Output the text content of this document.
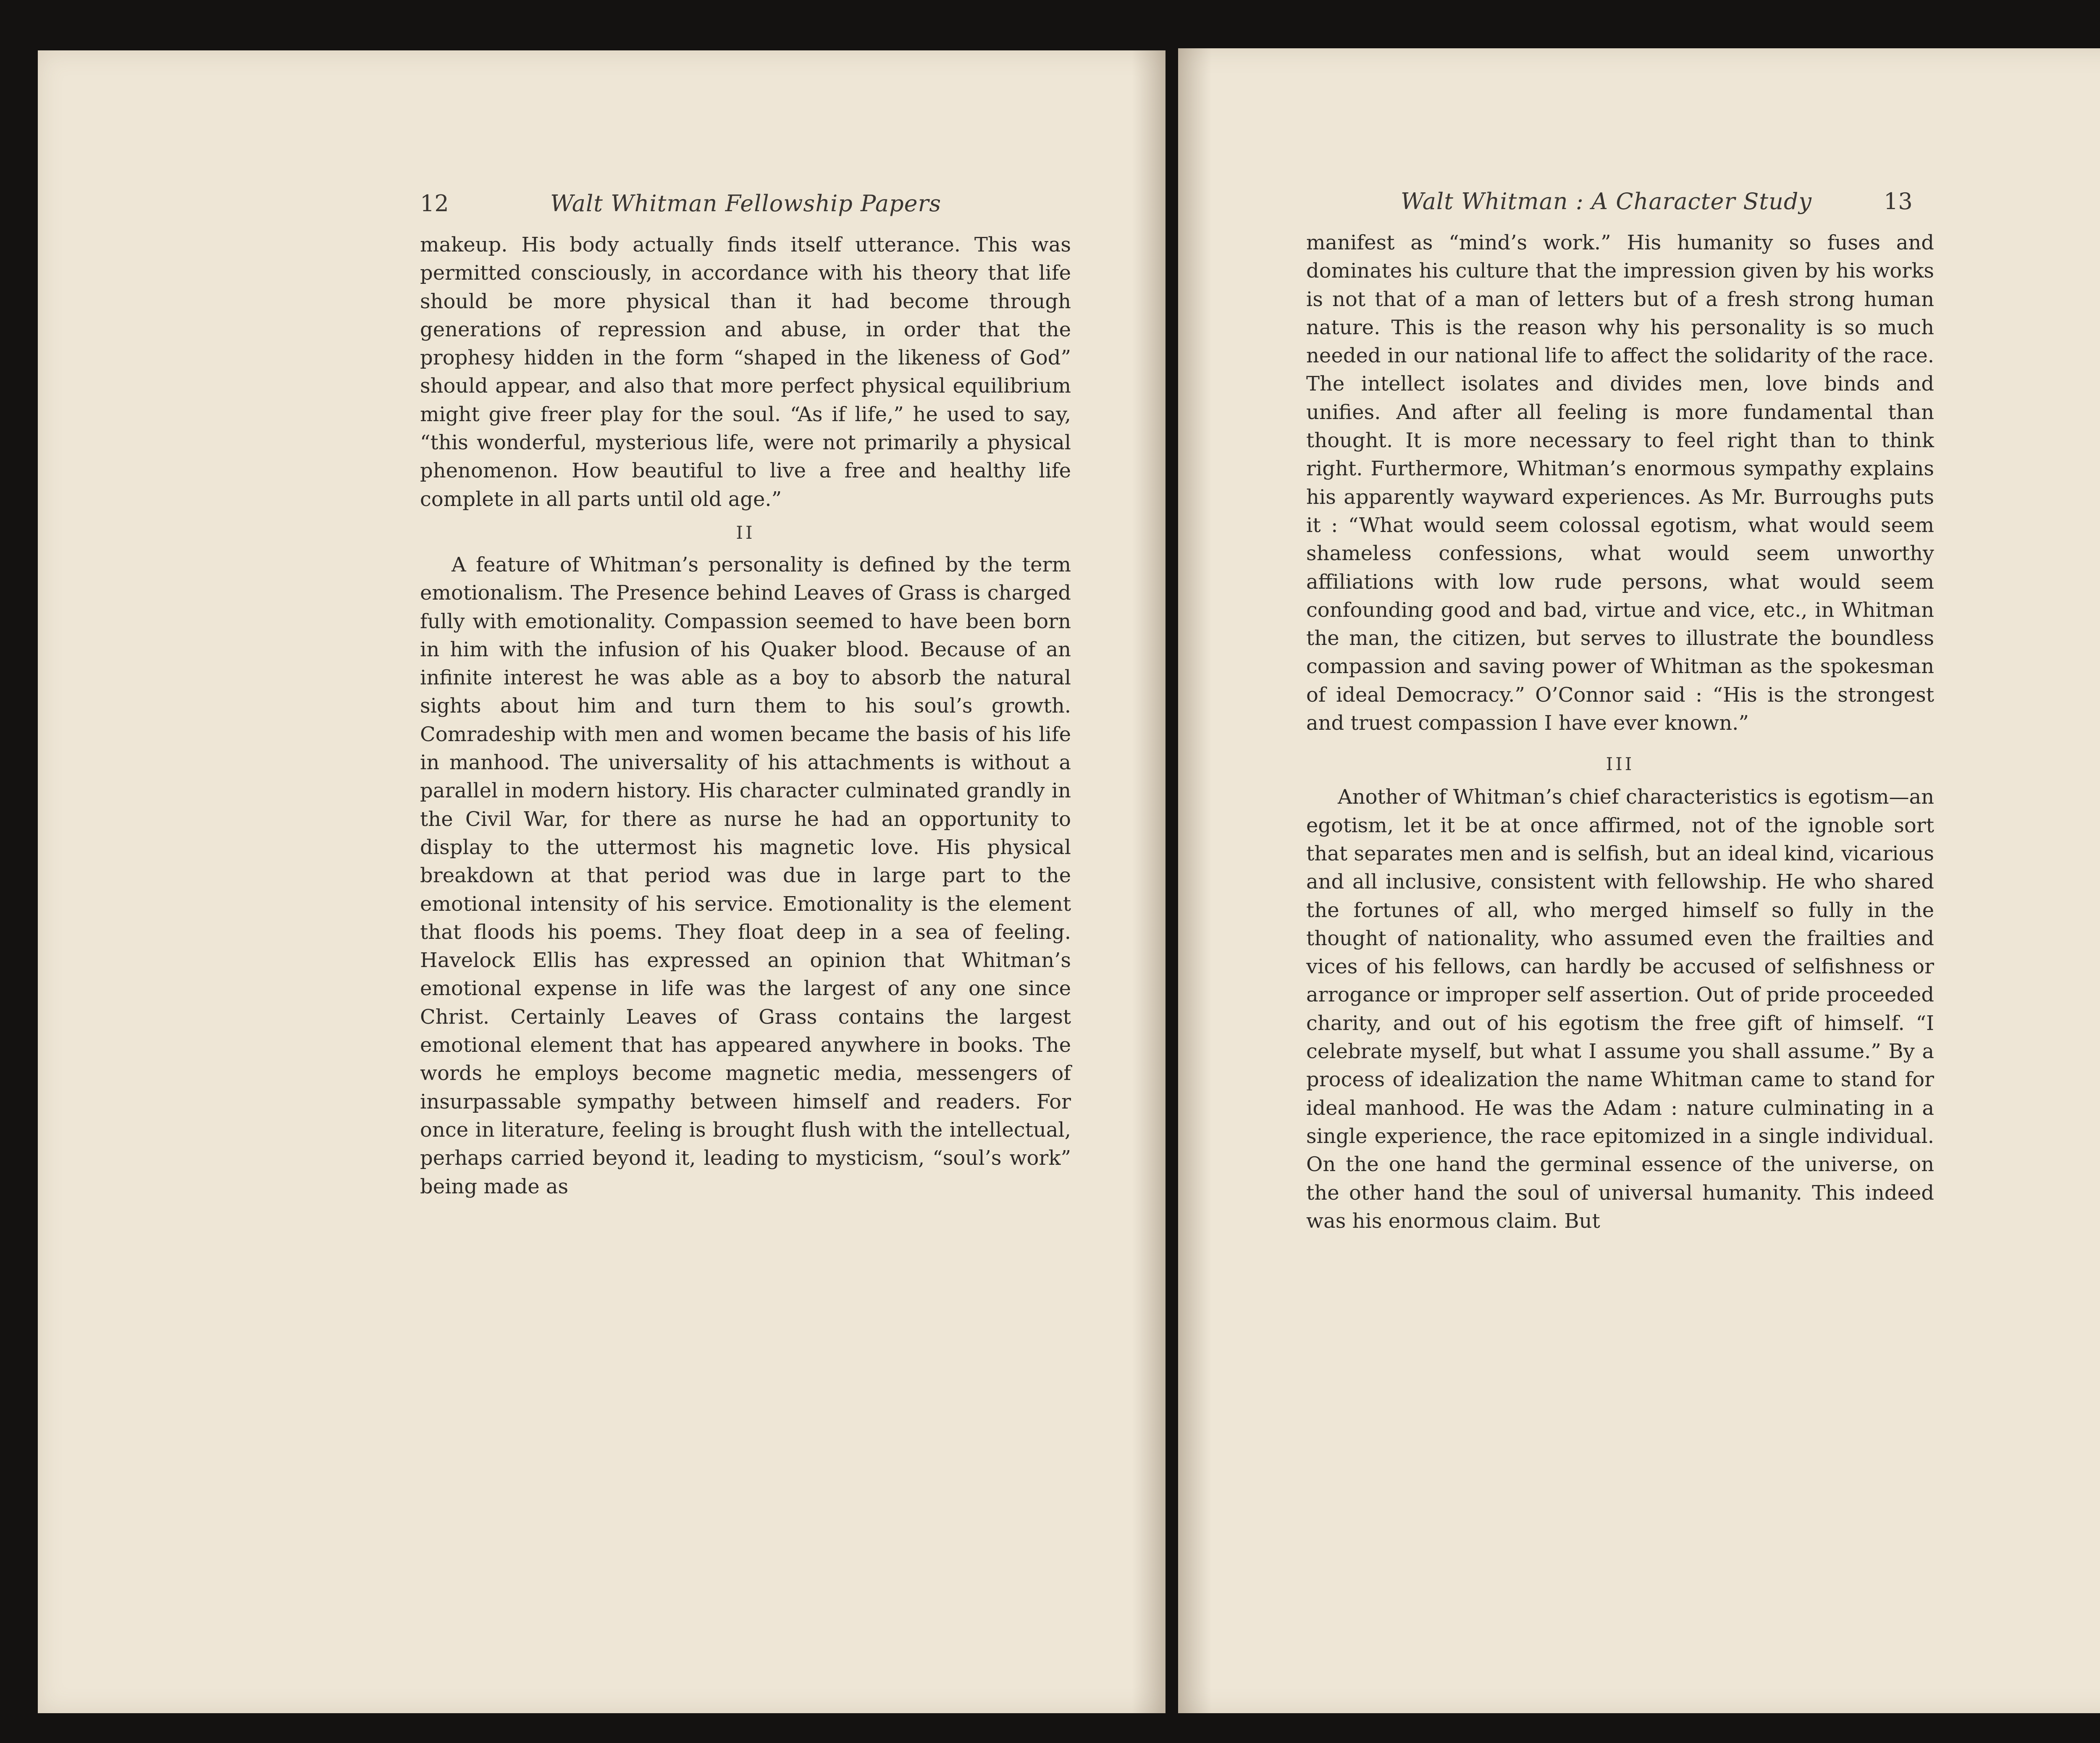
12	Walt Whitman Fellowship Papers

makeup. His body actually finds itself utterance. This was permitted consciously, in accordance with his theory that life should be more physical than it had become through generations of repression and abuse, in order that the prophesy hidden in the form “shaped in the likeness of God” should appear, and also that more perfect physical equilibrium might give freer play for the soul. “As if life,” he used to say, “this wonderful, mysterious life, were not primarily a physical phenomenon. How beautiful to live a free and healthy life complete in all parts until old age.”

II

A feature of Whitman’s personality is defined by the term emotionalism. The Presence behind Leaves of Grass is charged fully with emotionality. Compassion seemed to have been born in him with the infusion of his Quaker blood. Because of an infinite interest he was able as a boy to absorb the natural sights about him and turn them to his soul’s growth. Comradeship with men and women became the basis of his life in manhood. The universality of his attachments is without a parallel in modern history. His character culminated grandly in the Civil War, for there as nurse he had an opportunity to display to the uttermost his magnetic love. His physical breakdown at that period was due in large part to the emotional intensity of his service. Emotionality is the element that floods his poems. They float deep in a sea of feeling. Havelock Ellis has expressed an opinion that Whitman’s emotional expense in life was the largest of any one since Christ. Certainly Leaves of Grass contains the largest emotional element that has appeared anywhere in books. The words he employs become magnetic media, messengers of insurpassable sympathy between himself and readers. For once in literature, feeling is brought flush with the intellectual, perhaps carried beyond it, leading to mysticism, “soul’s work” being made as

Walt Whitman : A Character Study	13

manifest as “mind’s work.” His humanity so fuses and dominates his culture that the impression given by his works is not that of a man of letters but of a fresh strong human nature. This is the reason why his personality is so much needed in our national life to affect the solidarity of the race. The intellect isolates and divides men, love binds and unifies. And after all feeling is more fundamental than thought. It is more necessary to feel right than to think right. Furthermore, Whitman’s enormous sympathy explains his apparently wayward experiences. As Mr. Burroughs puts it : “What would seem colossal egotism, what would seem shameless confessions, what would seem unworthy affiliations with low rude persons, what would seem confounding good and bad, virtue and vice, etc., in Whitman the man, the citizen, but serves to illustrate the boundless compassion and saving power of Whitman as the spokesman of ideal Democracy.” O’Connor said : “His is the strongest and truest compassion I have ever known.”

III

Another of Whitman’s chief characteristics is egotism—an egotism, let it be at once affirmed, not of the ignoble sort that separates men and is selfish, but an ideal kind, vicarious and all inclusive, consistent with fellowship. He who shared the fortunes of all, who merged himself so fully in the thought of nationality, who assumed even the frailties and vices of his fellows, can hardly be accused of selfishness or arrogance or improper self assertion. Out of pride proceeded charity, and out of his egotism the free gift of himself. “I celebrate myself, but what I assume you shall assume.” By a process of idealization the name Whitman came to stand for ideal manhood. He was the Adam : nature culminating in a single experience, the race epitomized in a single individual. On the one hand the germinal essence of the universe, on the other hand the soul of universal humanity. This indeed was his enormous claim. But
